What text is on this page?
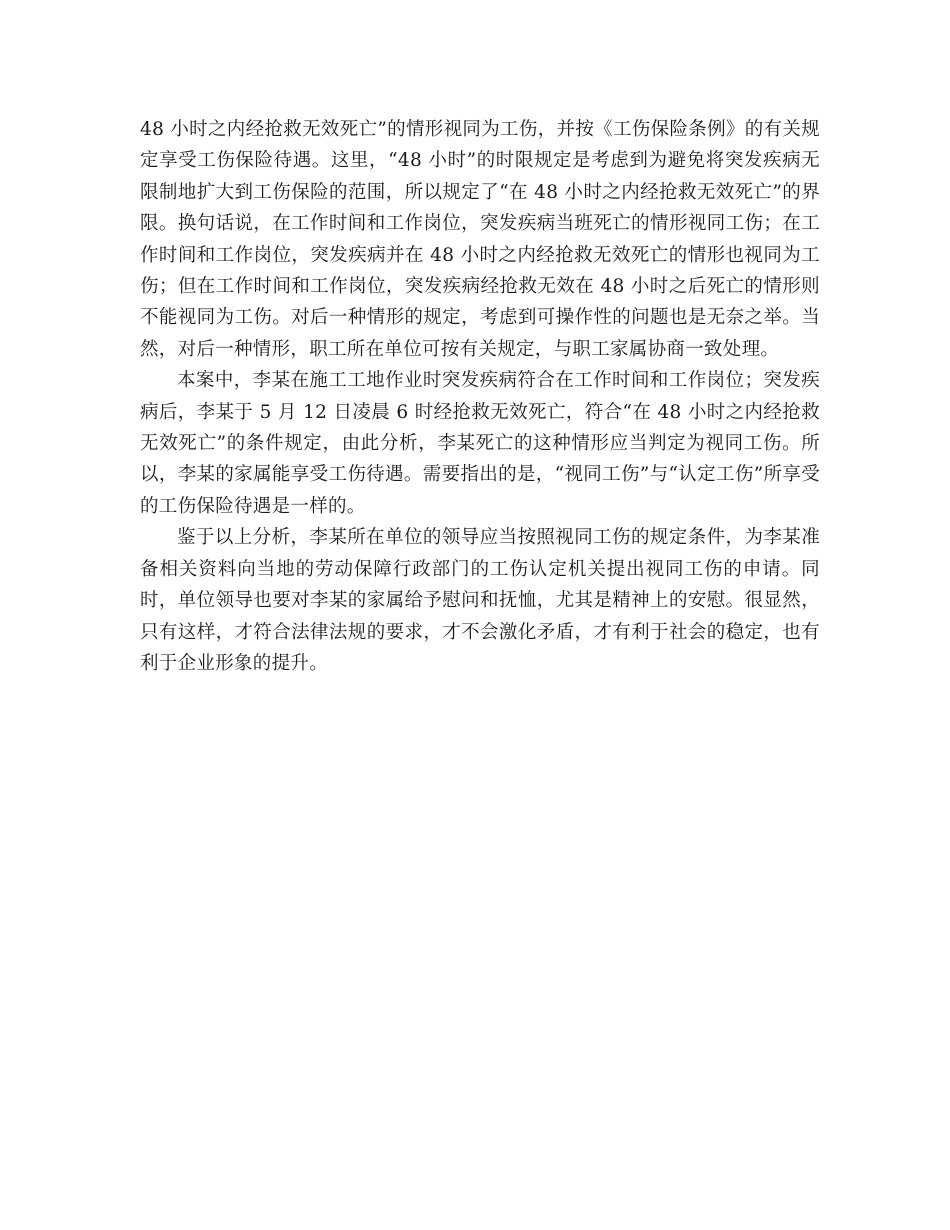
48 小时之内经抢救无效死亡”的情形视同为工伤，并按《工伤保险条例》的有关规定享受工伤保险待遇。这里，“48 小时”的时限规定是考虑到为避免将突发疾病无限制地扩大到工伤保险的范围，所以规定了“在 48 小时之内经抢救无效死亡”的界限。换句话说，在工作时间和工作岗位，突发疾病当班死亡的情形视同工伤；在工作时间和工作岗位，突发疾病并在 48 小时之内经抢救无效死亡的情形也视同为工伤；但在工作时间和工作岗位，突发疾病经抢救无效在 48 小时之后死亡的情形则不能视同为工伤。对后一种情形的规定，考虑到可操作性的问题也是无奈之举。当然，对后一种情形，职工所在单位可按有关规定，与职工家属协商一致处理。

本案中，李某在施工工地作业时突发疾病符合在工作时间和工作岗位；突发疾病后，李某于 5 月 12 日凌晨 6 时经抢救无效死亡，符合“在 48 小时之内经抢救无效死亡”的条件规定，由此分析，李某死亡的这种情形应当判定为视同工伤。所以，李某的家属能享受工伤待遇。需要指出的是，“视同工伤”与“认定工伤”所享受的工伤保险待遇是一样的。

鉴于以上分析，李某所在单位的领导应当按照视同工伤的规定条件，为李某准备相关资料向当地的劳动保障行政部门的工伤认定机关提出视同工伤的申请。同时，单位领导也要对李某的家属给予慰问和抚恤，尤其是精神上的安慰。很显然，只有这样，才符合法律法规的要求，才不会激化矛盾，才有利于社会的稳定，也有利于企业形象的提升。
